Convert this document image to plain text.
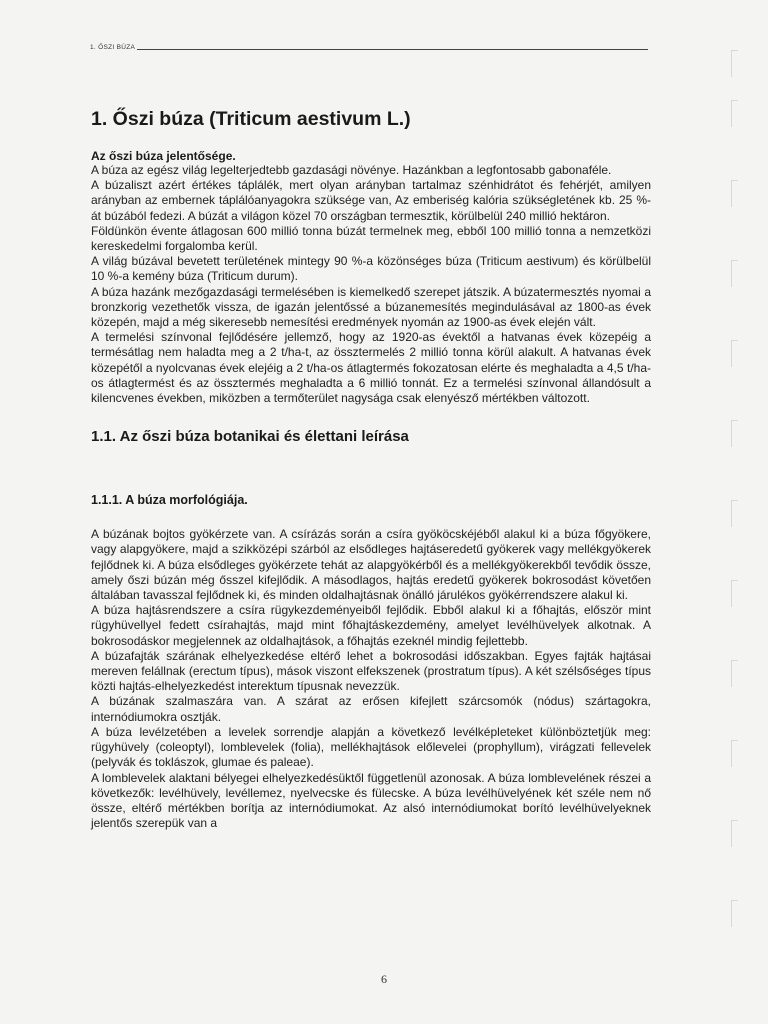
1. ŐSZI BÚZA
1. Őszi búza (Triticum aestivum L.)
Az őszi búza jelentősége.

A búza az egész világ legelterjedtebb gazdasági növénye. Hazánkban a legfontosabb gabonaféle.

A búzaliszt azért értékes táplálék, mert olyan arányban tartalmaz szénhidrátot és fehérjét, amilyen arányban az embernek táplálóanyagokra szüksége van, Az emberiség kalória szükségletének kb. 25 %-át búzából fedezi. A búzát a világon közel 70 országban termesztik, körülbelül 240 millió hektáron.

Földünkön évente átlagosan 600 millió tonna búzát termelnek meg, ebből 100 millió tonna a nemzetközi kereskedelmi forgalomba kerül.

A világ búzával bevetett területének mintegy 90 %-a közönséges búza (Triticum aestivum) és körülbelül 10 %-a kemény búza (Triticum durum).

A búza hazánk mezőgazdasági termelésében is kiemelkedő szerepet játszik. A búzatermesztés nyomai a bronzkorig vezethetők vissza, de igazán jelentőssé a búzanemesítés megindulásával az 1800-as évek közepén, majd a még sikeresebb nemesítési eredmények nyomán az 1900-as évek elején vált.

A termelési színvonal fejlődésére jellemző, hogy az 1920-as évektől a hatvanas évek közepéig a termésátlag nem haladta meg a 2 t/ha-t, az össztermelés 2 millió tonna körül alakult. A hatvanas évek közepétől a nyolcvanas évek elejéig a 2 t/ha-os átlagtermés fokozatosan elérte és meghaladta a 4,5 t/ha-os átlagtermést és az össztermés meghaladta a 6 millió tonnát. Ez a termelési színvonal állandósult a kilencvenes években, miközben a termőterület nagysága csak elenyésző mértékben változott.

1.1. Az őszi búza botanikai és élettani leírása
1.1.1. A búza morfológiája.

A búzának bojtos gyökérzete van. A csírázás során a csíra gyököcskéjéből alakul ki a búza főgyökere, vagy alapgyökere, majd a szikközépi szárból az elsődleges hajtáseredetű gyökerek vagy mellékgyökerek fejlődnek ki. A búza elsődleges gyökérzete tehát az alapgyökérből és a mellékgyökerekből tevődik össze, amely őszi búzán még ősszel kifejlődik. A másodlagos, hajtás eredetű gyökerek bokrosodást követően általában tavasszal fejlődnek ki, és minden oldalhajtásnak önálló járulékos gyökérrendszere alakul ki.

A búza hajtásrendszere a csíra rügykezdeményeiből fejlődik. Ebből alakul ki a főhajtás, először mint rügyhüvellyel fedett csírahajtás, majd mint főhajtáskezdemény, amelyet levélhüvelyek alkotnak. A bokrosodáskor megjelennek az oldalhajtások, a főhajtás ezeknél mindig fejlettebb.

A búzafajták szárának elhelyezkedése eltérő lehet a bokrosodási időszakban. Egyes fajták hajtásai mereven felállnak (erectum típus), mások viszont elfekszenek (prostratum típus). A két szélsőséges típus közti hajtás-elhelyezkedést interektum típusnak nevezzük.

A búzának szalmaszára van. A szárat az erősen kifejlett szárcsomók (nódus) szártagokra, internódiumokra osztják.

A búza levélzetében a levelek sorrendje alapján a következő levélképleteket különböztetjük meg: rügyhüvely (coleoptyl), lomblevelek (folia), mellékhajtások előlevelei (prophyllum), virágzati fellevelek (pelyvák és toklászok, glumae és paleae).

A lomblevelek alaktani bélyegei elhelyezkedésüktől függetlenül azonosak. A búza lomblevelének részei a következők: levélhüvely, levéllemez, nyelvecske és fülecske. A búza levélhüvelyének két széle nem nő össze, eltérő mértékben borítja az internódiumokat. Az alsó internódiumokat borító levélhüvelyeknek jelentős szerepük van a

6
